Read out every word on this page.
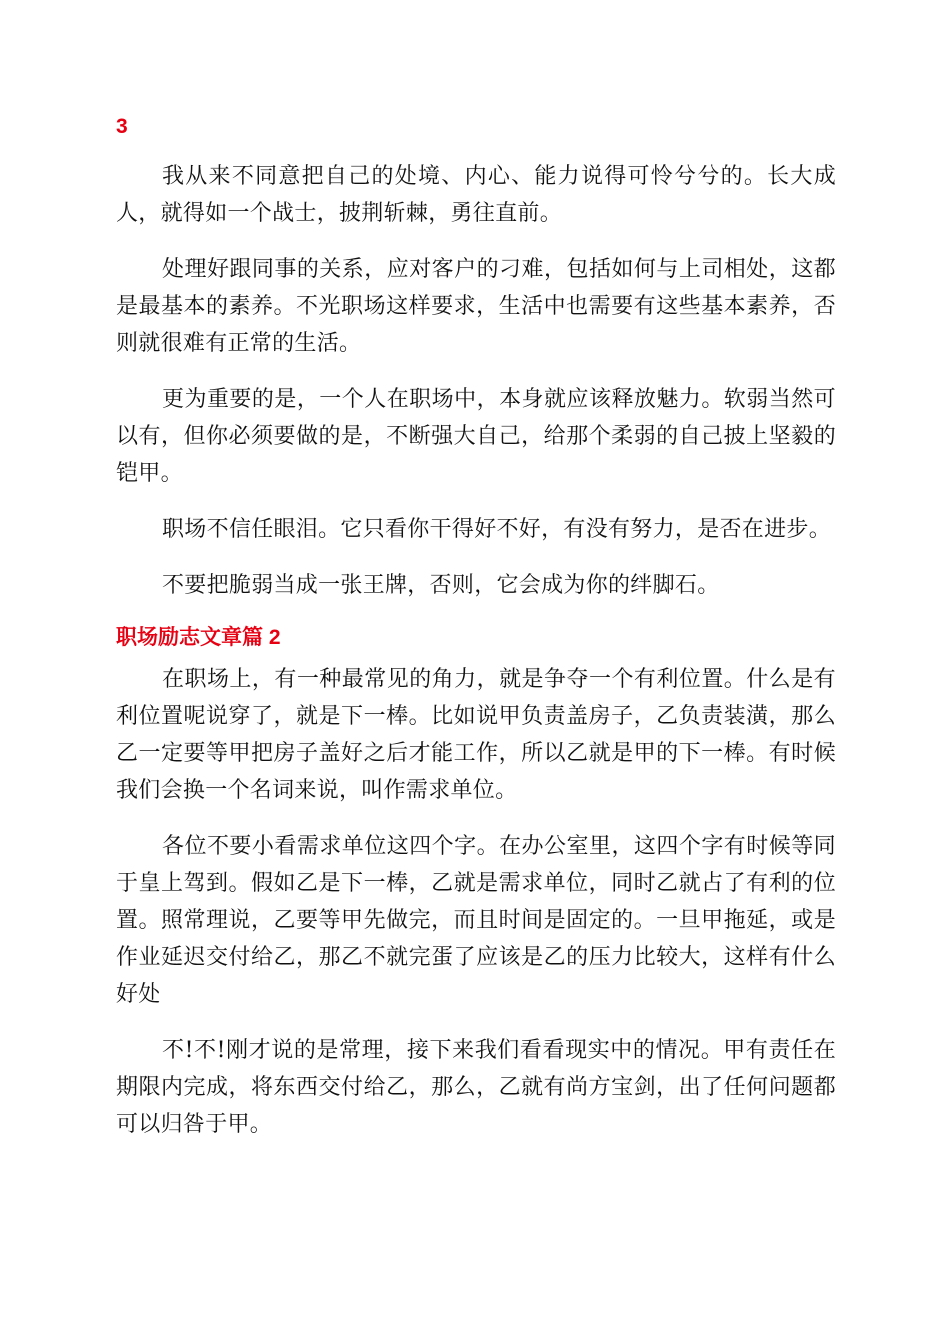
3

我从来不同意把自己的处境、内心、能力说得可怜兮兮的。长大成人，就得如一个战士，披荆斩棘，勇往直前。

处理好跟同事的关系，应对客户的刁难，包括如何与上司相处，这都是最基本的素养。不光职场这样要求，生活中也需要有这些基本素养，否则就很难有正常的生活。

更为重要的是，一个人在职场中，本身就应该释放魅力。软弱当然可以有，但你必须要做的是，不断强大自己，给那个柔弱的自己披上坚毅的铠甲。

职场不信任眼泪。它只看你干得好不好，有没有努力，是否在进步。

不要把脆弱当成一张王牌，否则，它会成为你的绊脚石。

职场励志文章篇 2

在职场上，有一种最常见的角力，就是争夺一个有利位置。什么是有利位置呢说穿了，就是下一棒。比如说甲负责盖房子，乙负责装潢，那么乙一定要等甲把房子盖好之后才能工作，所以乙就是甲的下一棒。有时候我们会换一个名词来说，叫作需求单位。

各位不要小看需求单位这四个字。在办公室里，这四个字有时候等同于皇上驾到。假如乙是下一棒，乙就是需求单位，同时乙就占了有利的位置。照常理说，乙要等甲先做完，而且时间是固定的。一旦甲拖延，或是作业延迟交付给乙，那乙不就完蛋了应该是乙的压力比较大，这样有什么好处

不!不!刚才说的是常理，接下来我们看看现实中的情况。甲有责任在期限内完成，将东西交付给乙，那么，乙就有尚方宝剑，出了任何问题都可以归咎于甲。
